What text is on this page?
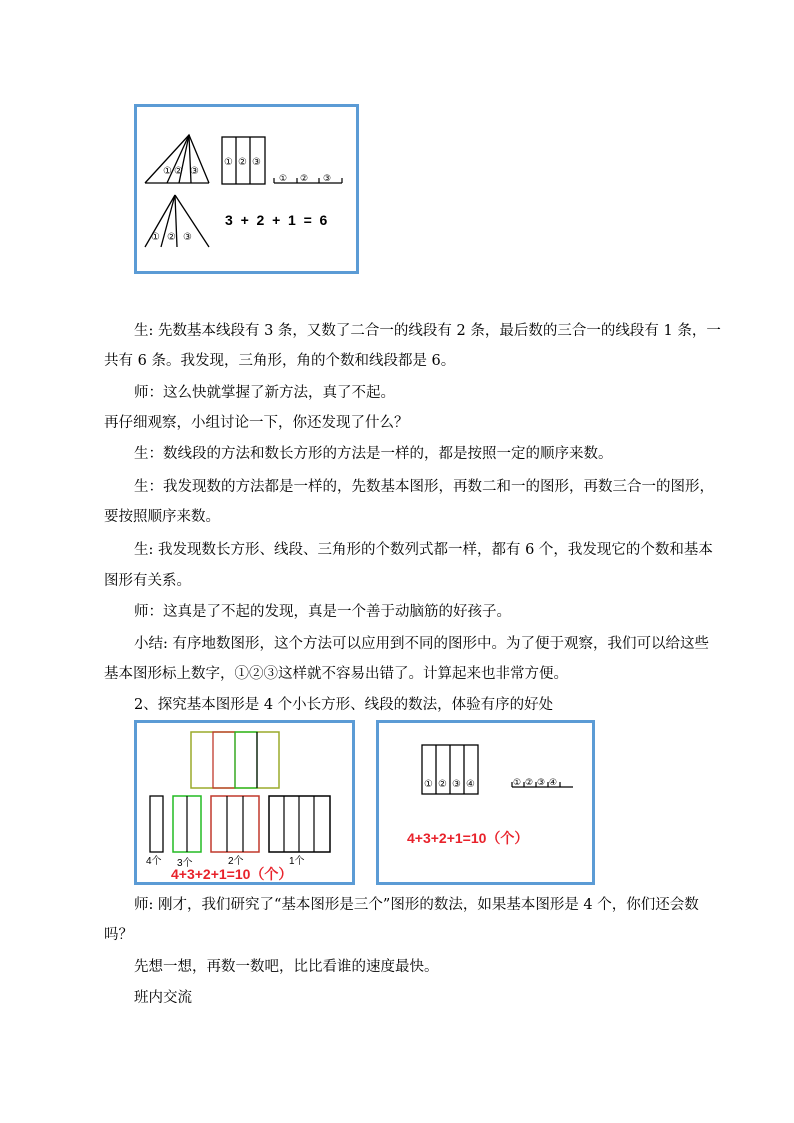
① ② ③
① ② ③
① ② ③
① ② ③
3  +  2  +  1  =  6
生: 先数基本线段有 3 条，又数了二合一的线段有 2 条，最后数的三合一的线段有 1 条，一
共有 6 条。我发现，三角形，角的个数和线段都是 6。
师：这么快就掌握了新方法，真了不起。
再仔细观察，小组讨论一下，你还发现了什么？
生：数线段的方法和数长方形的方法是一样的，都是按照一定的顺序来数。
生：我发现数的方法都是一样的，先数基本图形，再数二和一的图形，再数三合一的图形，
要按照顺序来数。
生: 我发现数长方形、线段、三角形的个数列式都一样，都有 6 个，我发现它的个数和基本
图形有关系。
师：这真是了不起的发现，真是一个善于动脑筋的好孩子。
小结: 有序地数图形，这个方法可以应用到不同的图形中。为了便于观察，我们可以给这些
基本图形标上数字，①②③这样就不容易出错了。计算起来也非常方便。
2、探究基本图形是 4 个小长方形、线段的数法，体验有序的好处
4个 3个	2个	1个
4+3+2+1=10（个）
① ② ③ ④	① ② ③ ④
4+3+2+1=10（个）
师: 刚才，我们研究了“基本图形是三个”图形的数法，如果基本图形是 4 个，你们还会数
吗？
先想一想，再数一数吧，比比看谁的速度最快。
班内交流
